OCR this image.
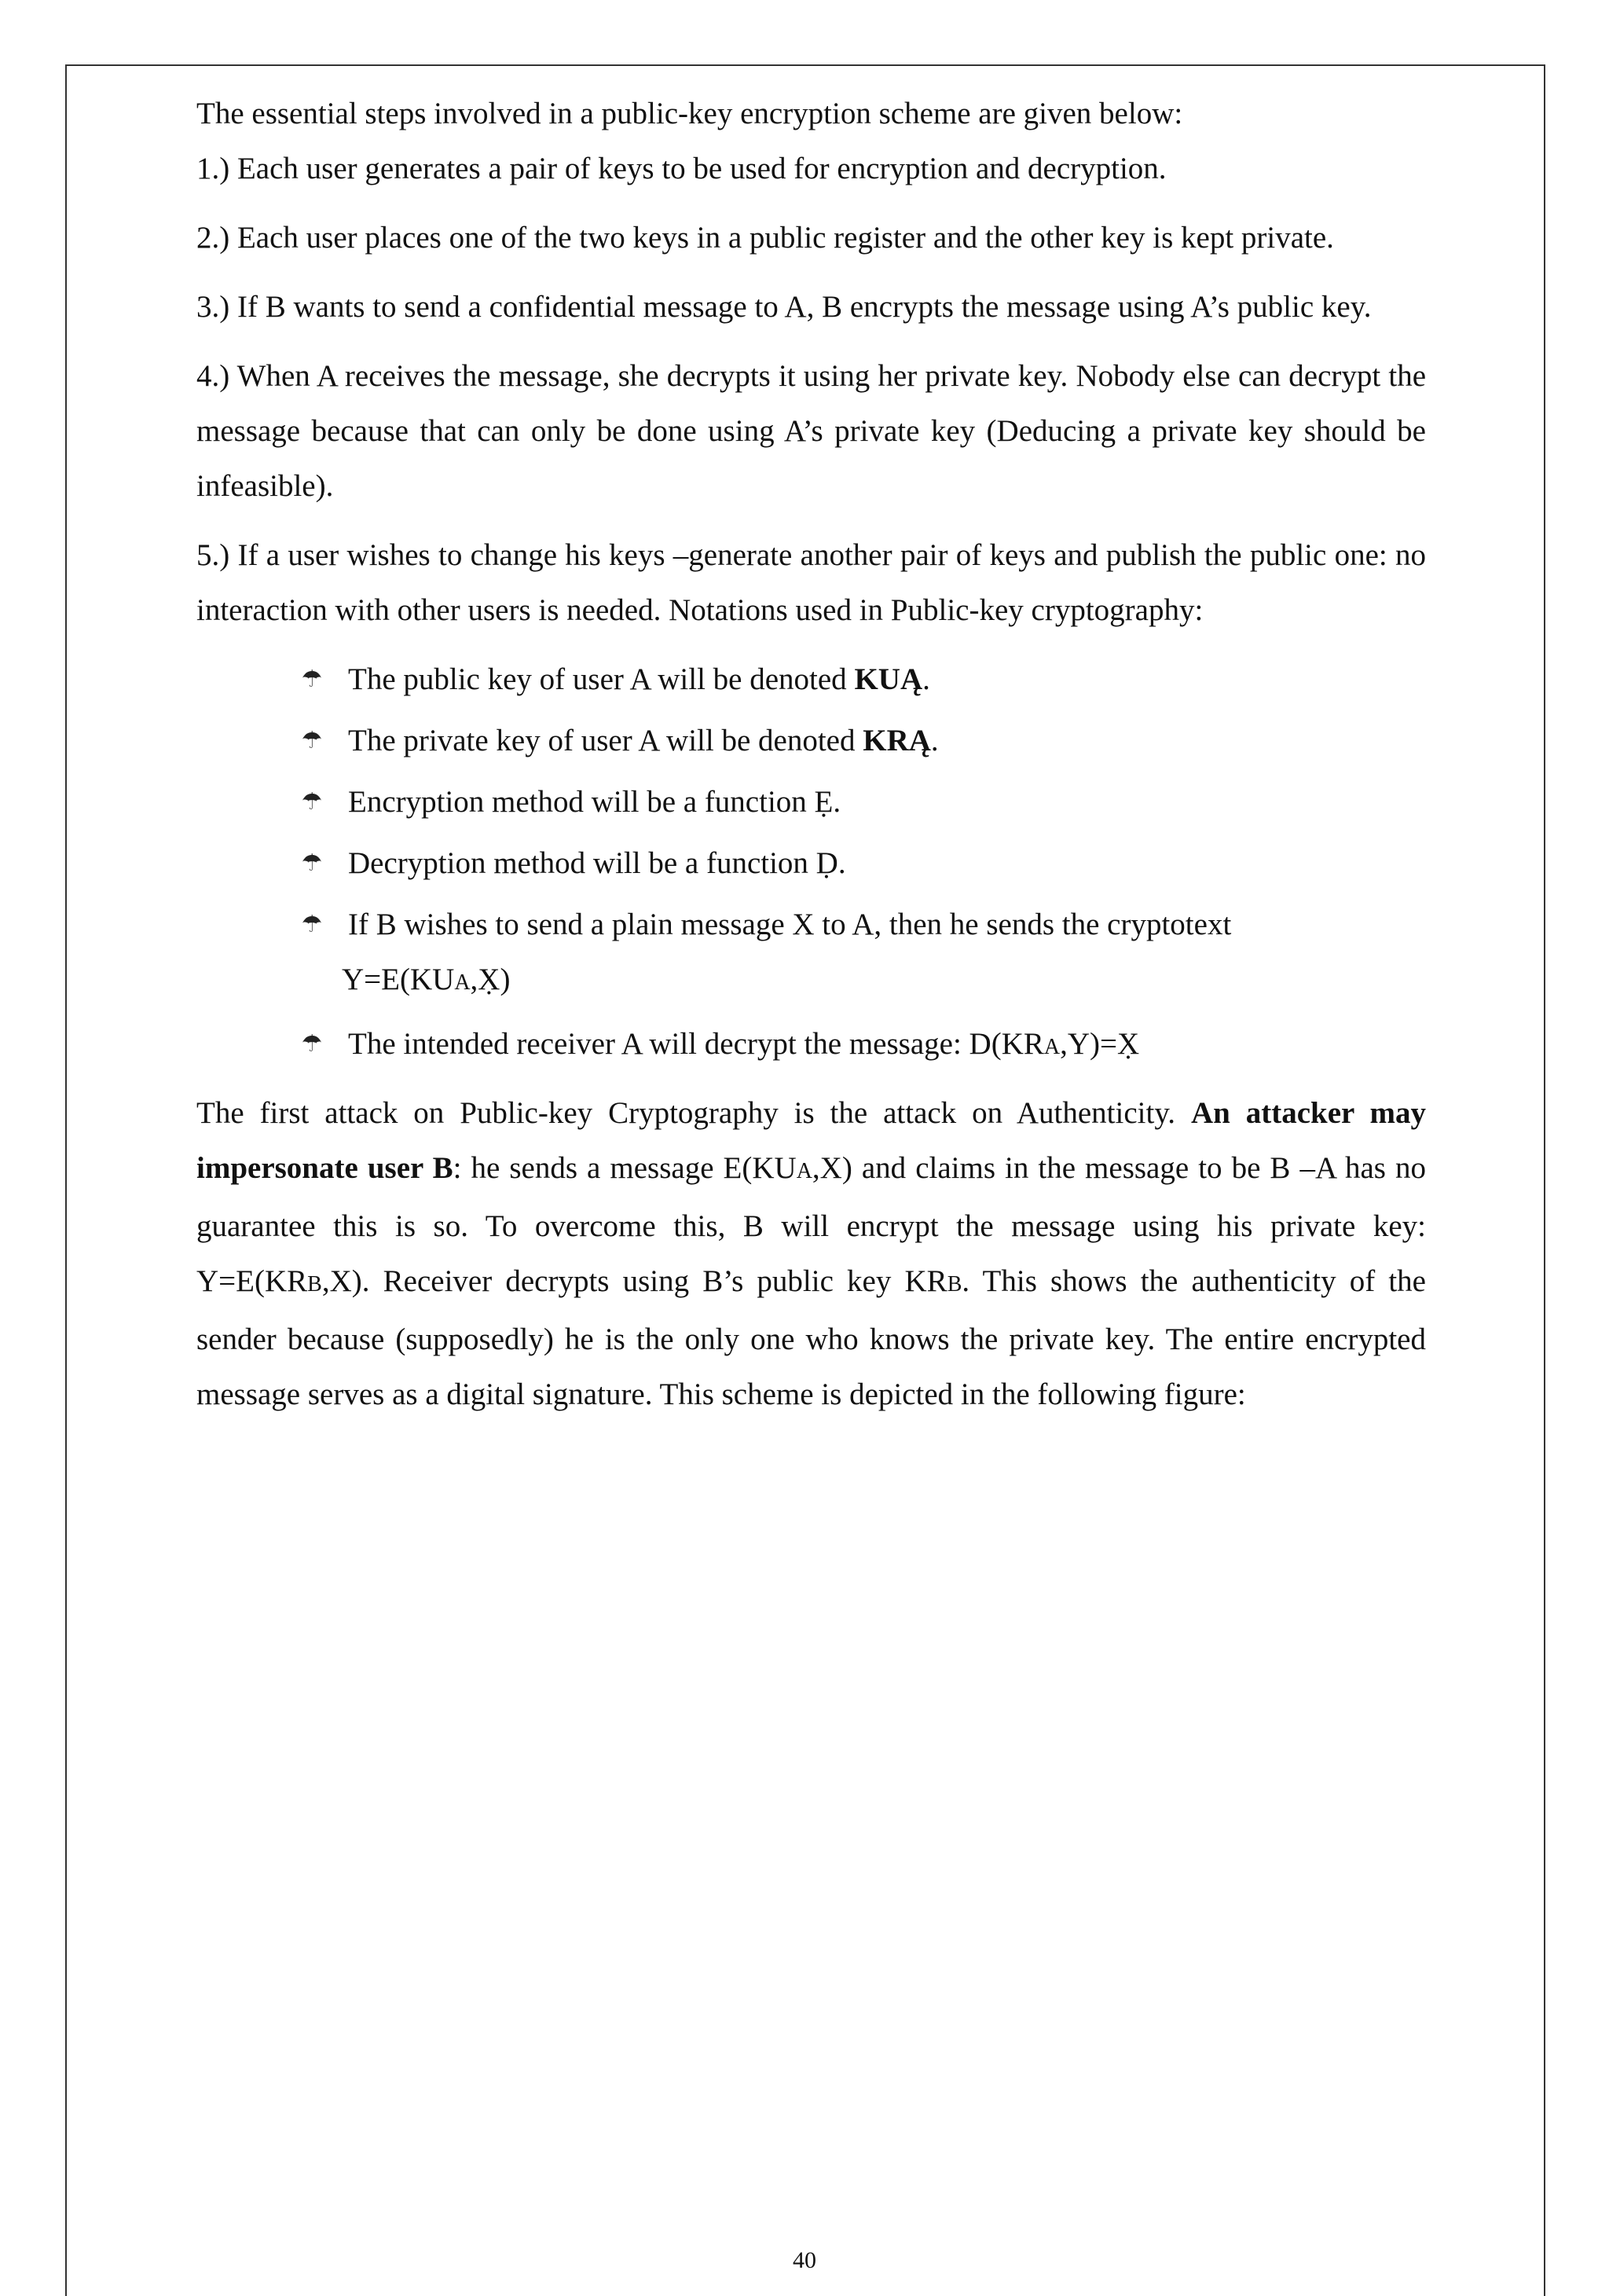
The essential steps involved in a public-key encryption scheme are given below:

1.) Each user generates a pair of keys to be used for encryption and decryption.

2.) Each user places one of the two keys in a public register and the other key is kept private.

3.) If B wants to send a confidential message to A, B encrypts the message using A’s public key.

4.) When A receives the message, she decrypts it using her private key. Nobody else can decrypt the message because that can only be done using A’s private key (Deducing a private key should be infeasible).

5.) If a user wishes to change his keys –generate another pair of keys and publish the public one: no interaction with other users is needed. Notations used in Public-key cryptography:

☂ The public key of user A will be denoted KUĄ.
☂ The private key of user A will be denoted KRĄ.
☂ Encryption method will be a function Ẹ.
☂ Decryption method will be a function Ḍ.
☂ If B wishes to send a plain message X to A, then he sends the cryptotext
Y=E(KUA,X̣)
☂ The intended receiver A will decrypt the message: D(KRA,Y)=X̣

The first attack on Public-key Cryptography is the attack on Authenticity. An attacker may impersonate user B: he sends a message E(KUA,X) and claims in the message to be B –A has no guarantee this is so. To overcome this, B will encrypt the message using his private key: Y=E(KRB,X). Receiver decrypts using B’s public key KRB. This shows the authenticity of the sender because (supposedly) he is the only one who knows the private key. The entire encrypted message serves as a digital signature. This scheme is depicted in the following figure:

40
